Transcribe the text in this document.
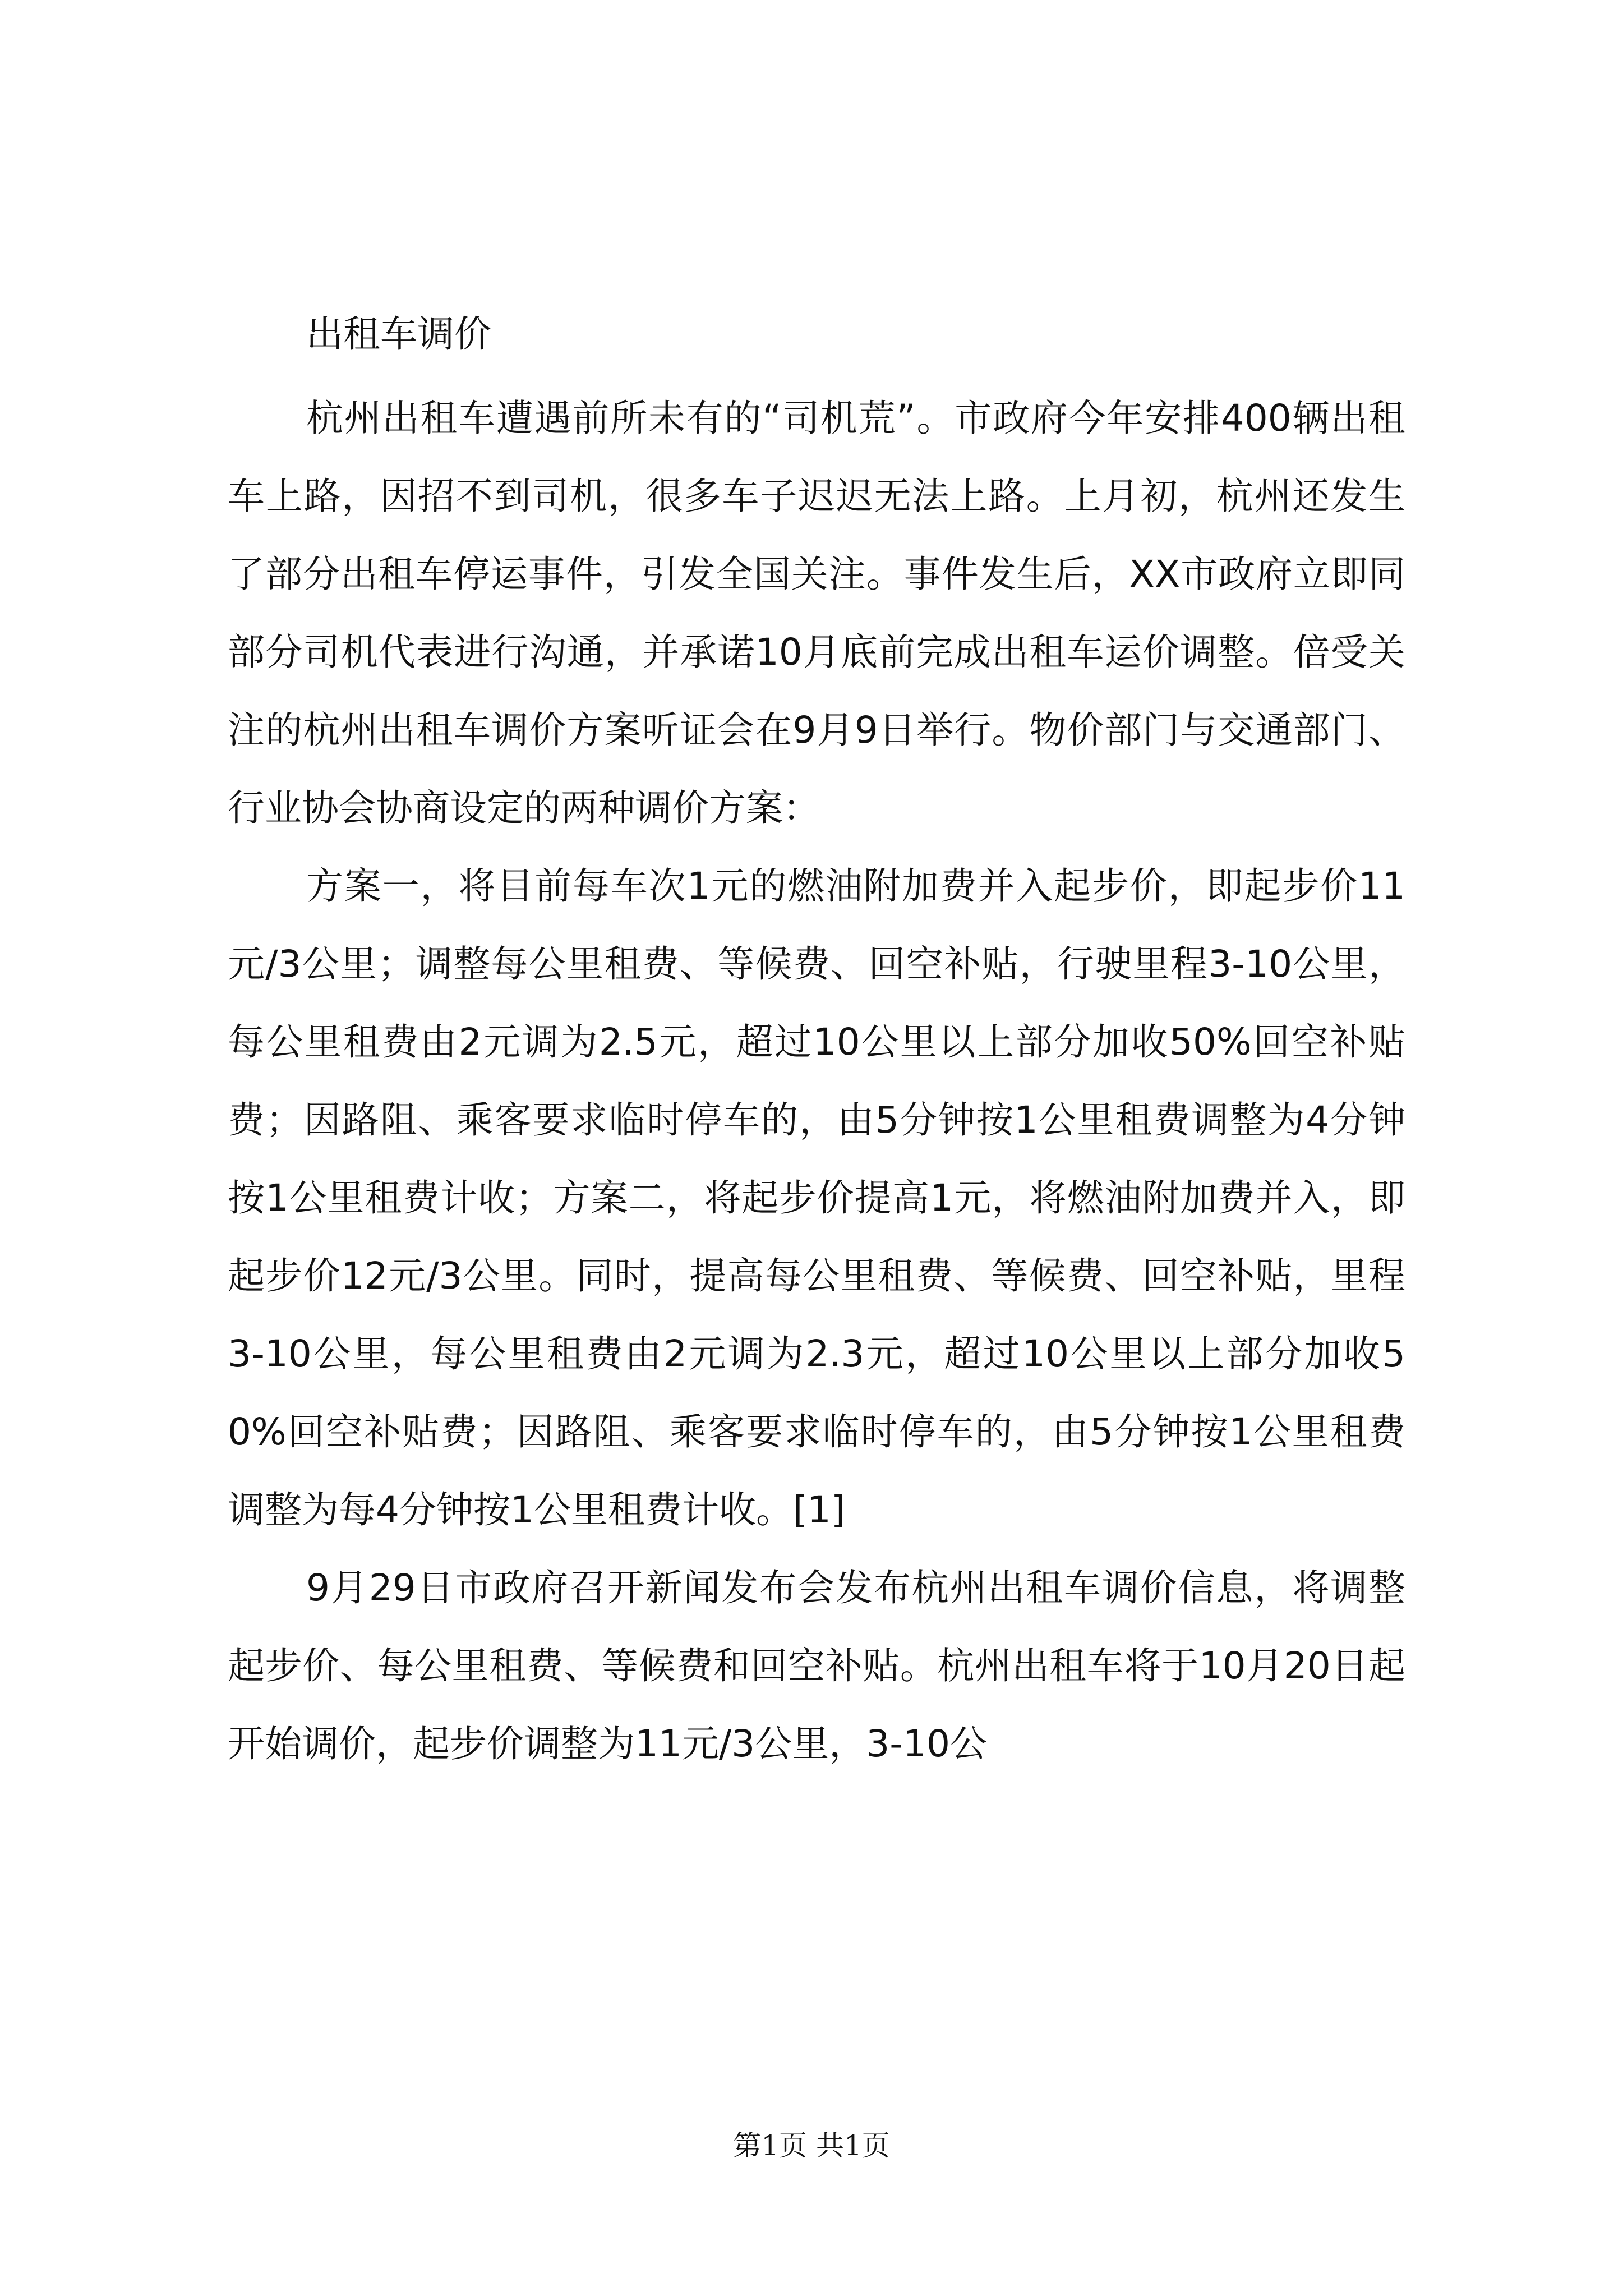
出租车调价

杭州出租车遭遇前所未有的“司机荒”。市政府今年安排400辆出租车上路，因招不到司机，很多车子迟迟无法上路。上月初，杭州还发生了部分出租车停运事件，引发全国关注。事件发生后，XX市政府立即同部分司机代表进行沟通，并承诺10月底前完成出租车运价调整。倍受关注的杭州出租车调价方案听证会在9月9日举行。物价部门与交通部门、行业协会协商设定的两种调价方案：

方案一，将目前每车次1元的燃油附加费并入起步价，即起步价11元/3公里；调整每公里租费、等候费、回空补贴，行驶里程3-10公里，每公里租费由2元调为2.5元，超过10公里以上部分加收50%回空补贴费；因路阻、乘客要求临时停车的，由5分钟按1公里租费调整为4分钟按1公里租费计收；方案二，将起步价提高1元，将燃油附加费并入，即起步价12元/3公里。同时，提高每公里租费、等候费、回空补贴，里程3-10公里，每公里租费由2元调为2.3元，超过10公里以上部分加收50%回空补贴费；因路阻、乘客要求临时停车的，由5分钟按1公里租费调整为每4分钟按1公里租费计收。[1]

9月29日市政府召开新闻发布会发布杭州出租车调价信息，将调整起步价、每公里租费、等候费和回空补贴。杭州出租车将于10月20日起开始调价，起步价调整为11元/3公里，3-10公

第1页 共1页
